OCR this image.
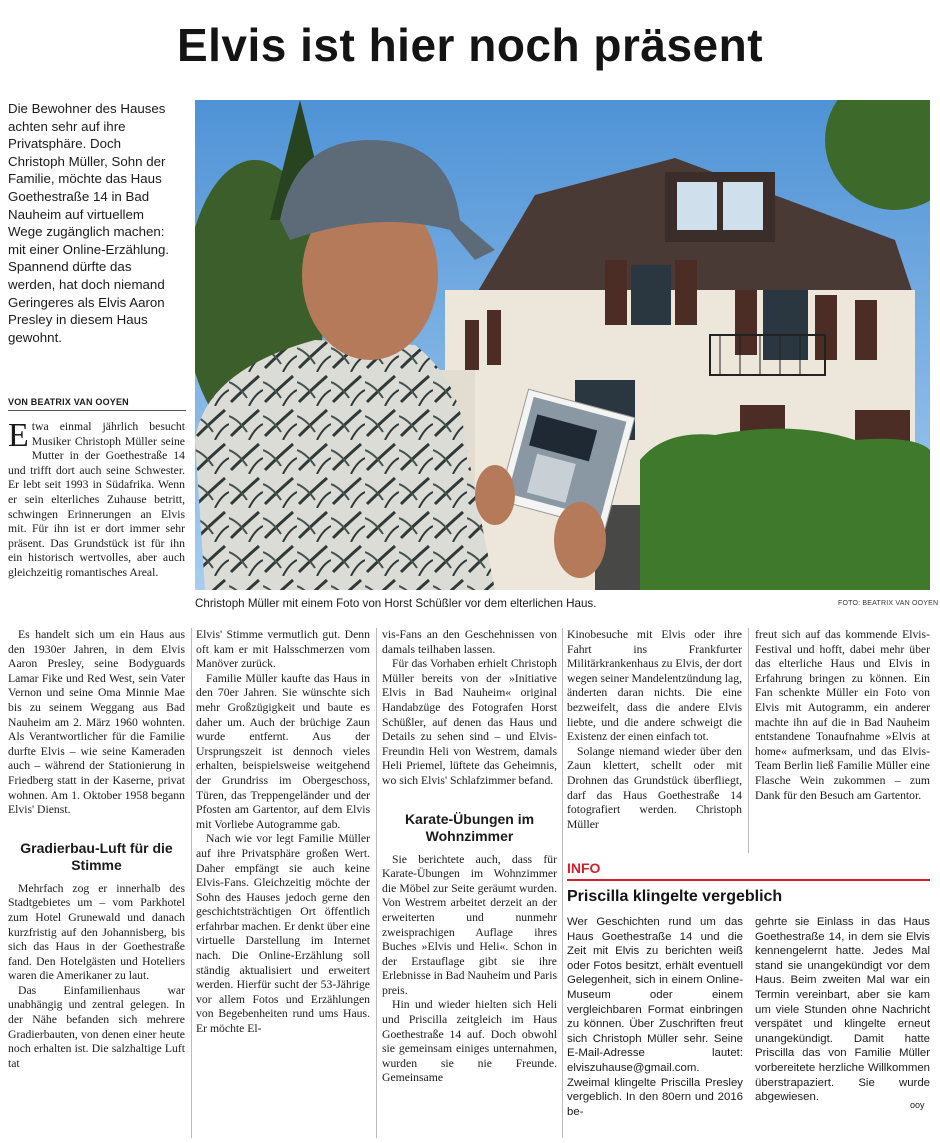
Elvis ist hier noch präsent

Die Bewohner des Hauses achten sehr auf ihre Privatsphäre. Doch Christoph Müller, Sohn der Familie, möchte das Haus Goethestraße 14 in Bad Nauheim auf virtuellem Wege zugänglich machen: mit einer Online-Erzählung. Spannend dürfte das werden, hat doch niemand Geringeres als Elvis Aaron Presley in diesem Haus gewohnt.

VON BEATRIX VAN OOYEN
Christoph Müller mit einem Foto von Horst Schüßler vor dem elterlichen Haus.	FOTO: BEATRIX VAN OOYEN

Etwa einmal jährlich besucht Musiker Christoph Müller seine Mutter in der Goethestraße 14 und trifft dort auch seine Schwester. Er lebt seit 1993 in Südafrika. Wenn er sein elterliches Zuhause betritt, schwingen Erinnerungen an Elvis mit. Für ihn ist er dort immer sehr präsent. Das Grundstück ist für ihn ein historisch wertvolles, aber auch gleichzeitig romantisches Areal.

Es handelt sich um ein Haus aus den 1930er Jahren, in dem Elvis Aaron Presley, seine Bodyguards Lamar Fike und Red West, sein Vater Vernon und seine Oma Minnie Mae bis zu seinem Weggang aus Bad Nauheim am 2. März 1960 wohnten. Als Verantwortlicher für die Familie durfte Elvis – wie seine Kameraden auch – während der Stationierung in Friedberg statt in der Kaserne, privat wohnen. Am 1. Oktober 1958 begann Elvis' Dienst.

Gradierbau-Luft für die Stimme

Mehrfach zog er innerhalb des Stadtgebietes um – vom Parkhotel zum Hotel Grunewald und danach kurzfristig auf den Johannisberg, bis sich das Haus in der Goethestraße fand. Den Hotelgästen und Hoteliers waren die Amerikaner zu laut.

Das Einfamilienhaus war unabhängig und zentral gelegen. In der Nähe befanden sich mehrere Gradierbauten, von denen einer heute noch erhalten ist. Die salzhaltige Luft tat

Elvis' Stimme vermutlich gut. Denn oft kam er mit Halsschmerzen vom Manöver zurück.

Familie Müller kaufte das Haus in den 70er Jahren. Sie wünschte sich mehr Großzügigkeit und baute es daher um. Auch der brüchige Zaun wurde entfernt. Aus der Ursprungszeit ist dennoch vieles erhalten, beispielsweise weitgehend der Grundriss im Obergeschoss, Türen, das Treppengeländer und der Pfosten am Gartentor, auf dem Elvis mit Vorliebe Autogramme gab.

Nach wie vor legt Familie Müller auf ihre Privatsphäre großen Wert. Daher empfängt sie auch keine Elvis-Fans. Gleichzeitig möchte der Sohn des Hauses jedoch gerne den geschichtsträchtigen Ort öffentlich erfahrbar machen. Er denkt über eine virtuelle Darstellung im Internet nach. Die Online-Erzählung soll ständig aktualisiert und erweitert werden. Hierfür sucht der 53-Jährige vor allem Fotos und Erzählungen von Begebenheiten rund ums Haus. Er möchte El-

vis-Fans an den Geschehnissen von damals teilhaben lassen.

Für das Vorhaben erhielt Christoph Müller bereits von der »Initiative Elvis in Bad Nauheim« original Handabzüge des Fotografen Horst Schüßler, auf denen das Haus und Details zu sehen sind – und Elvis-Freundin Heli von Westrem, damals Heli Priemel, lüftete das Geheimnis, wo sich Elvis' Schlafzimmer befand.

Karate-Übungen im Wohnzimmer

Sie berichtete auch, dass für Karate-Übungen im Wohnzimmer die Möbel zur Seite geräumt wurden. Von Westrem arbeitet derzeit an der erweiterten und nunmehr zweisprachigen Auflage ihres Buches »Elvis und Heli«. Schon in der Erstauflage gibt sie ihre Erlebnisse in Bad Nauheim und Paris preis.

Hin und wieder hielten sich Heli und Priscilla zeitgleich im Haus Goethestraße 14 auf. Doch obwohl sie gemeinsam einiges unternahmen, wurden sie nie Freunde. Gemeinsame

Kinobesuche mit Elvis oder ihre Fahrt ins Frankfurter Militärkrankenhaus zu Elvis, der dort wegen seiner Mandelentzündung lag, änderten daran nichts. Die eine bezweifelt, dass die andere Elvis liebte, und die andere schweigt die Existenz der einen einfach tot.

Solange niemand wieder über den Zaun klettert, schellt oder mit Drohnen das Grundstück überfliegt, darf das Haus Goethestraße 14 fotografiert werden. Christoph Müller

freut sich auf das kommende Elvis-Festival und hofft, dabei mehr über das elterliche Haus und Elvis in Erfahrung bringen zu können. Ein Fan schenkte Müller ein Foto von Elvis mit Autogramm, ein anderer machte ihn auf die in Bad Nauheim entstandene Tonaufnahme »Elvis at home« aufmerksam, und das Elvis-Team Berlin ließ Familie Müller eine Flasche Wein zukommen – zum Dank für den Besuch am Gartentor.

INFO
Priscilla klingelte vergeblich

Wer Geschichten rund um das Haus Goethestraße 14 und die Zeit mit Elvis zu berichten weiß oder Fotos besitzt, erhält eventuell Gelegenheit, sich in einem Online-Museum oder einem vergleichbaren Format einbringen zu können. Über Zuschriften freut sich Christoph Müller sehr. Seine E-Mail-Adresse lautet: elviszuhause@gmail.com. Zweimal klingelte Priscilla Presley vergeblich. In den 80ern und 2016 be-

gehrte sie Einlass in das Haus Goethestraße 14, in dem sie Elvis kennengelernt hatte. Jedes Mal stand sie unangekündigt vor dem Haus. Beim zweiten Mal war ein Termin vereinbart, aber sie kam um viele Stunden ohne Nachricht verspätet und klingelte erneut unangekündigt. Damit hatte Priscilla das von Familie Müller vorbereitete herzliche Willkommen überstrapaziert. Sie wurde abgewiesen.

ooy
